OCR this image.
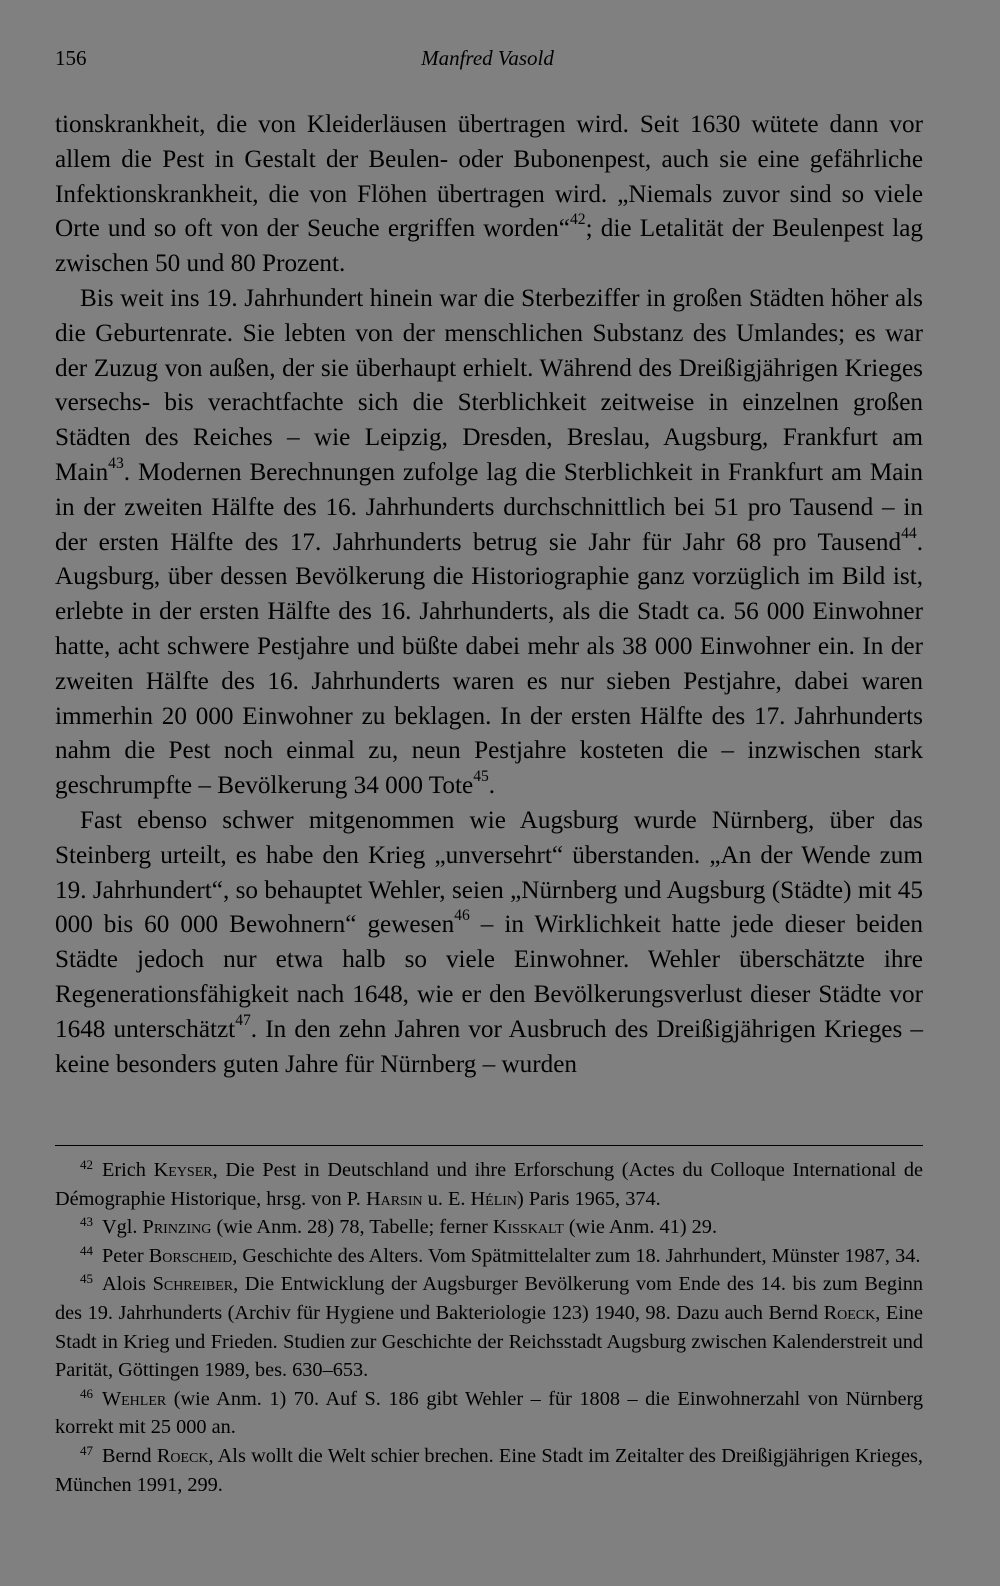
156	Manfred Vasold

tionskrankheit, die von Kleiderläusen übertragen wird. Seit 1630 wütete dann vor allem die Pest in Gestalt der Beulen- oder Bubonenpest, auch sie eine gefährliche Infektionskrankheit, die von Flöhen übertragen wird. „Niemals zuvor sind so viele Orte und so oft von der Seuche ergriffen worden“$^{42}$; die Letalität der Beulenpest lag zwischen 50 und 80 Prozent.

Bis weit ins 19. Jahrhundert hinein war die Sterbeziffer in großen Städten höher als die Geburtenrate. Sie lebten von der menschlichen Substanz des Umlandes; es war der Zuzug von außen, der sie überhaupt erhielt. Während des Dreißigjährigen Krieges versechs- bis verachtfachte sich die Sterblichkeit zeitweise in einzelnen großen Städten des Reiches – wie Leipzig, Dresden, Breslau, Augsburg, Frankfurt am Main$^{43}$. Modernen Berechnungen zufolge lag die Sterblichkeit in Frankfurt am Main in der zweiten Hälfte des 16. Jahrhunderts durchschnittlich bei 51 pro Tausend – in der ersten Hälfte des 17. Jahrhunderts betrug sie Jahr für Jahr 68 pro Tausend$^{44}$. Augsburg, über dessen Bevölkerung die Historiographie ganz vorzüglich im Bild ist, erlebte in der ersten Hälfte des 16. Jahrhunderts, als die Stadt ca. 56 000 Einwohner hatte, acht schwere Pestjahre und büßte dabei mehr als 38 000 Einwohner ein. In der zweiten Hälfte des 16. Jahrhunderts waren es nur sieben Pestjahre, dabei waren immerhin 20 000 Einwohner zu beklagen. In der ersten Hälfte des 17. Jahrhunderts nahm die Pest noch einmal zu, neun Pestjahre kosteten die – inzwischen stark geschrumpfte – Bevölkerung 34 000 Tote$^{45}$.

Fast ebenso schwer mitgenommen wie Augsburg wurde Nürnberg, über das Steinberg urteilt, es habe den Krieg „unversehrt“ überstanden. „An der Wende zum 19. Jahrhundert“, so behauptet Wehler, seien „Nürnberg und Augsburg (Städte) mit 45 000 bis 60 000 Bewohnern“ gewesen$^{46}$ – in Wirklichkeit hatte jede dieser beiden Städte jedoch nur etwa halb so viele Einwohner. Wehler überschätzte ihre Regenerationsfähigkeit nach 1648, wie er den Bevölkerungsverlust dieser Städte vor 1648 unterschätzt$^{47}$. In den zehn Jahren vor Ausbruch des Dreißigjährigen Krieges – keine besonders guten Jahre für Nürnberg – wurden

$^{42}$ Erich Keyser, Die Pest in Deutschland und ihre Erforschung (Actes du Colloque International de Démographie Historique, hrsg. von P. Harsin u. E. Hélin) Paris 1965, 374.

$^{43}$ Vgl. Prinzing (wie Anm. 28) 78, Tabelle; ferner Kisskalt (wie Anm. 41) 29.

$^{44}$ Peter Borscheid, Geschichte des Alters. Vom Spätmittelalter zum 18. Jahrhundert, Münster 1987, 34.

$^{45}$ Alois Schreiber, Die Entwicklung der Augsburger Bevölkerung vom Ende des 14. bis zum Beginn des 19. Jahrhunderts (Archiv für Hygiene und Bakteriologie 123) 1940, 98. Dazu auch Bernd Roeck, Eine Stadt in Krieg und Frieden. Studien zur Geschichte der Reichsstadt Augsburg zwischen Kalenderstreit und Parität, Göttingen 1989, bes. 630–653.

$^{46}$ Wehler (wie Anm. 1) 70. Auf S. 186 gibt Wehler – für 1808 – die Einwohnerzahl von Nürnberg korrekt mit 25 000 an.

$^{47}$ Bernd Roeck, Als wollt die Welt schier brechen. Eine Stadt im Zeitalter des Dreißigjährigen Krieges, München 1991, 299.
